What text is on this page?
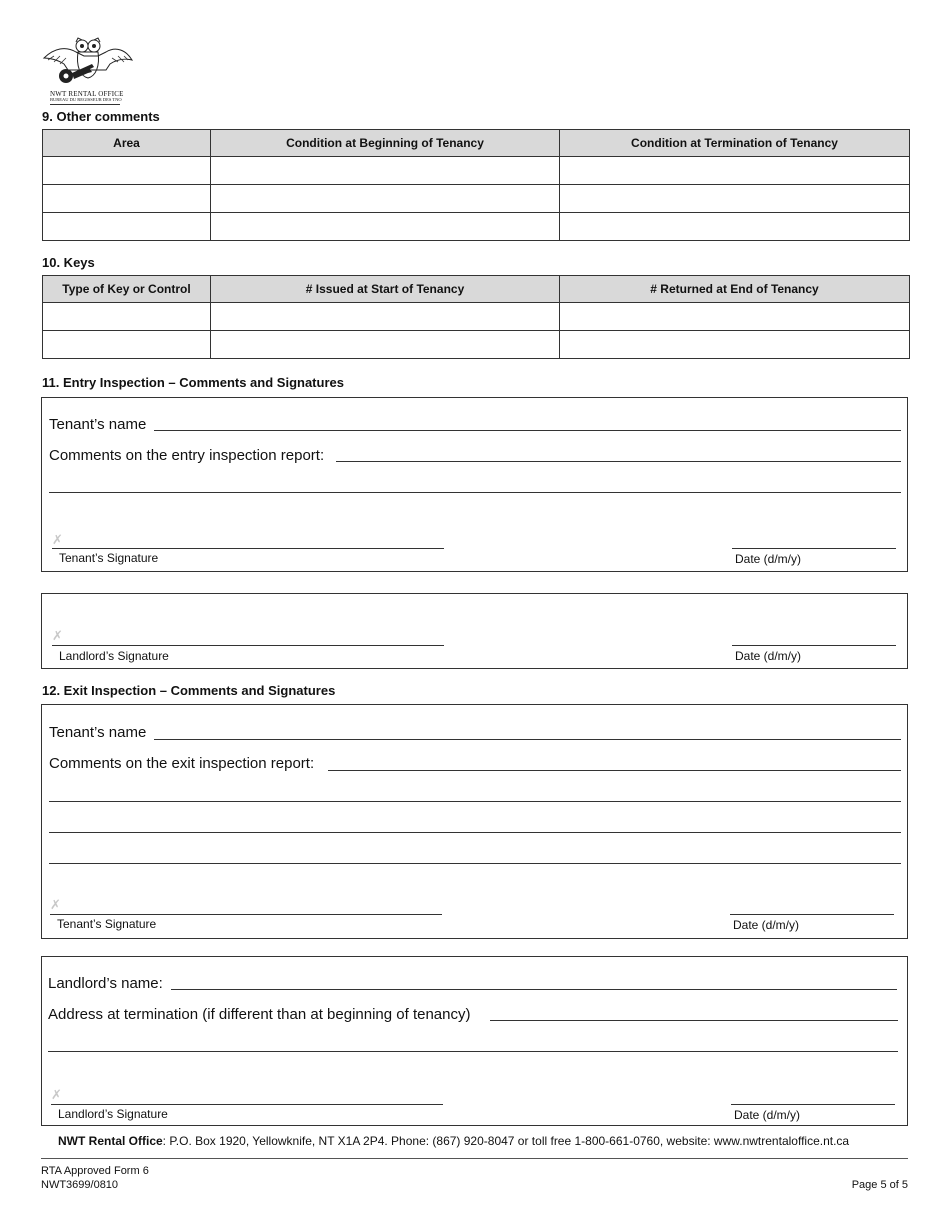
NWT RENTAL OFFICE
BUREAU DU REGISSEUR DES TNO
9. Other comments
Area	Condition at Beginning of Tenancy	Condition at Termination of Tenancy

10. Keys
Type of Key or Control	# Issued at Start of Tenancy	# Returned at End of Tenancy

11. Entry Inspection – Comments and Signatures
Tenant’s name
Comments on the entry inspection report:
✗
Tenant’s Signature	Date (d/m/y)
✗
Landlord’s Signature	Date (d/m/y)
12. Exit Inspection – Comments and Signatures
Tenant’s name
Comments on the exit inspection report:
✗
Tenant’s Signature	Date (d/m/y)
Landlord’s name:
Address at termination (if different than at beginning of tenancy)
✗
Landlord’s Signature	Date (d/m/y)
NWT Rental Office: P.O. Box 1920, Yellowknife, NT X1A 2P4. Phone: (867) 920-8047 or toll free 1-800-661-0760, website: www.nwtrentaloffice.nt.ca
RTA Approved Form 6
NWT3699/0810	Page 5 of 5
